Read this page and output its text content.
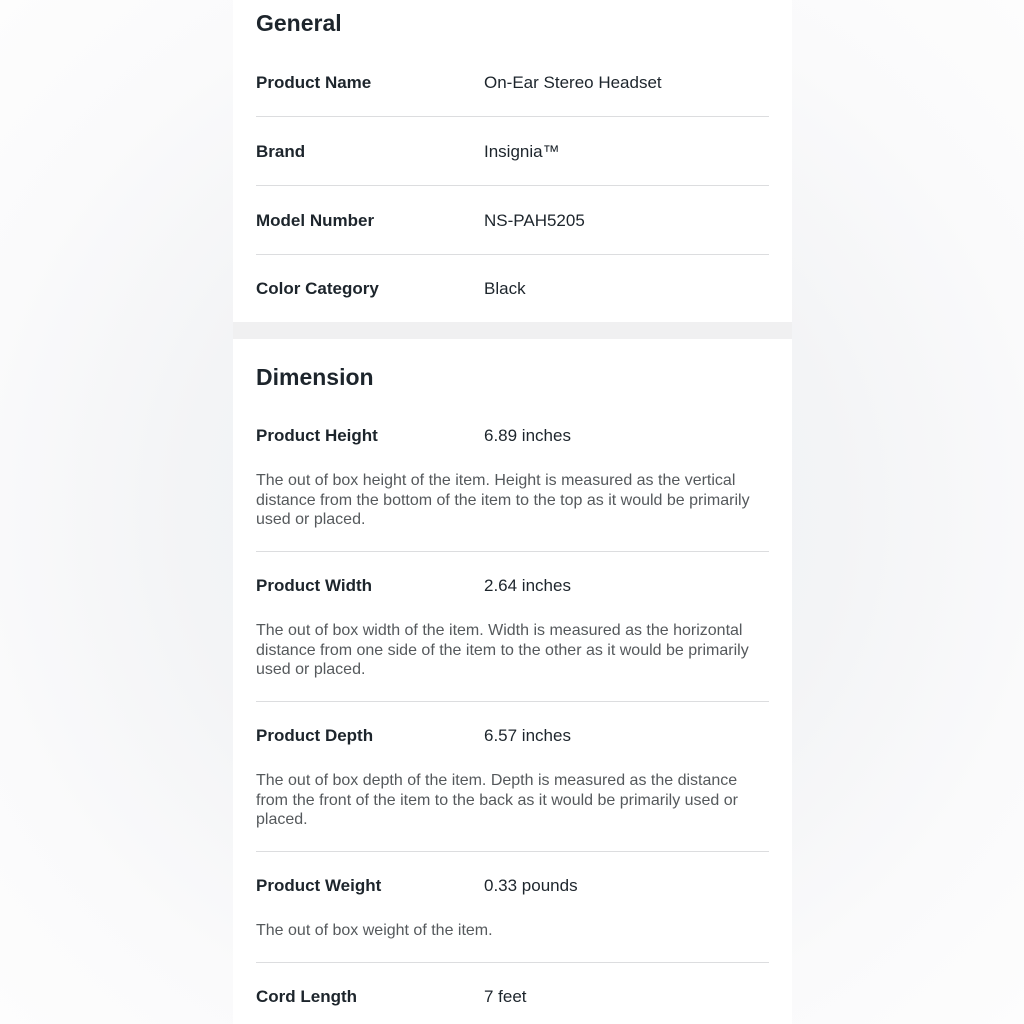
General
Product Name	On-Ear Stereo Headset
Brand	Insignia™
Model Number	NS-PAH5205
Color Category	Black
Dimension
Product Height	6.89 inches
The out of box height of the item. Height is measured as the vertical distance from the bottom of the item to the top as it would be primarily used or placed.
Product Width	2.64 inches
The out of box width of the item. Width is measured as the horizontal distance from one side of the item to the other as it would be primarily used or placed.
Product Depth	6.57 inches
The out of box depth of the item. Depth is measured as the distance from the front of the item to the back as it would be primarily used or placed.
Product Weight	0.33 pounds
The out of box weight of the item.
Cord Length	7 feet
